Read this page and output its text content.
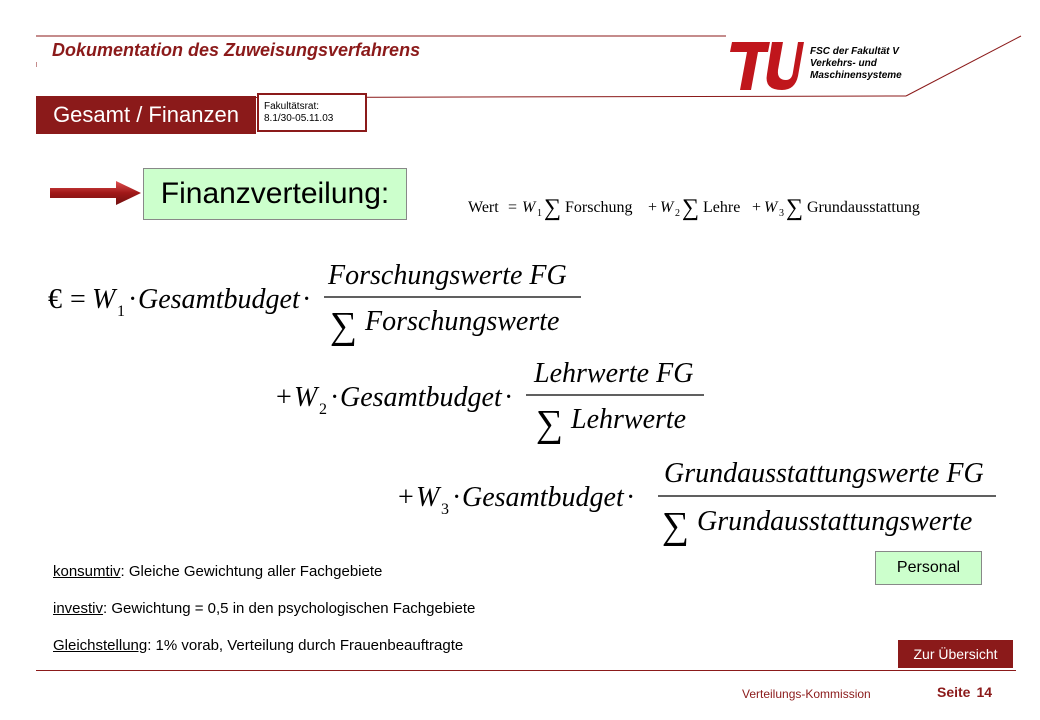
Dokumentation des Zuweisungsverfahrens	berlin FSC der Fakultät V
Verkehrs- und
Maschinensysteme
Gesamt / Finanzen	Fakultätsrat:
8.1/30-05.11.03
Finanzverteilung:	Wert = W 1 ∑ Forschung + W 2 ∑ Lehre + W 3 ∑ Grundausstattung
€ = W 1 · Gesamtbudget ·
Forschungswerte FG
∑ Forschungswerte
+ W 2 · Gesamtbudget ·
Lehrwerte FG
∑ Lehrwerte
+ W 3 · Gesamtbudget ·
Grundausstattungswerte FG
∑ Grundausstattungswerte
konsumtiv: Gleiche Gewichtung aller Fachgebiete
investiv: Gewichtung = 0,5 in den psychologischen Fachgebiete
Gleichstellung: 1% vorab, Verteilung durch Frauenbeauftragte
Personal
Zur Übersicht
Verteilungs-Kommission	Seite 14
